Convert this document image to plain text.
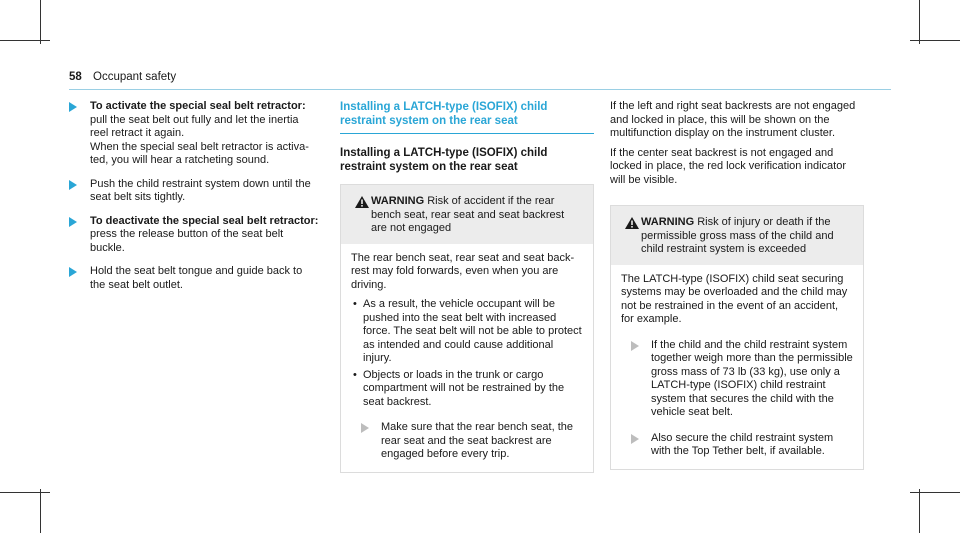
58 Occupant safety
To activate the special seal belt retractor: pull the seat belt out fully and let the inertia reel retract it again.
When the special seal belt retractor is activated, you will hear a ratcheting sound.
Push the child restraint system down until the seat belt sits tightly.
To deactivate the special seal belt retractor: press the release button of the seat belt buckle.
Hold the seat belt tongue and guide back to the seat belt outlet.
Installing a LATCH-type (ISOFIX) child restraint system on the rear seat
Installing a LATCH-type (ISOFIX) child restraint system on the rear seat
WARNING Risk of accident if the rear bench seat, rear seat and seat backrest are not engaged

The rear bench seat, rear seat and seat backrest may fold forwards, even when you are driving.

• As a result, the vehicle occupant will be pushed into the seat belt with increased force. The seat belt will not be able to protect as intended and could cause additional injury.
• Objects or loads in the trunk or cargo compartment will not be restrained by the seat backrest.
Make sure that the rear bench seat, the rear seat and the seat backrest are engaged before every trip.

If the left and right seat backrests are not engaged and locked in place, this will be shown on the multifunction display on the instrument cluster.

If the center seat backrest is not engaged and locked in place, the red lock verification indicator will be visible.

WARNING Risk of injury or death if the permissible gross mass of the child and child restraint system is exceeded

The LATCH-type (ISOFIX) child seat securing systems may be overloaded and the child may not be restrained in the event of an accident, for example.

If the child and the child restraint system together weigh more than the permissible gross mass of 73 lb (33 kg), use only a LATCH-type (ISOFIX) child restraint system that secures the child with the vehicle seat belt.
Also secure the child restraint system with the Top Tether belt, if available.
